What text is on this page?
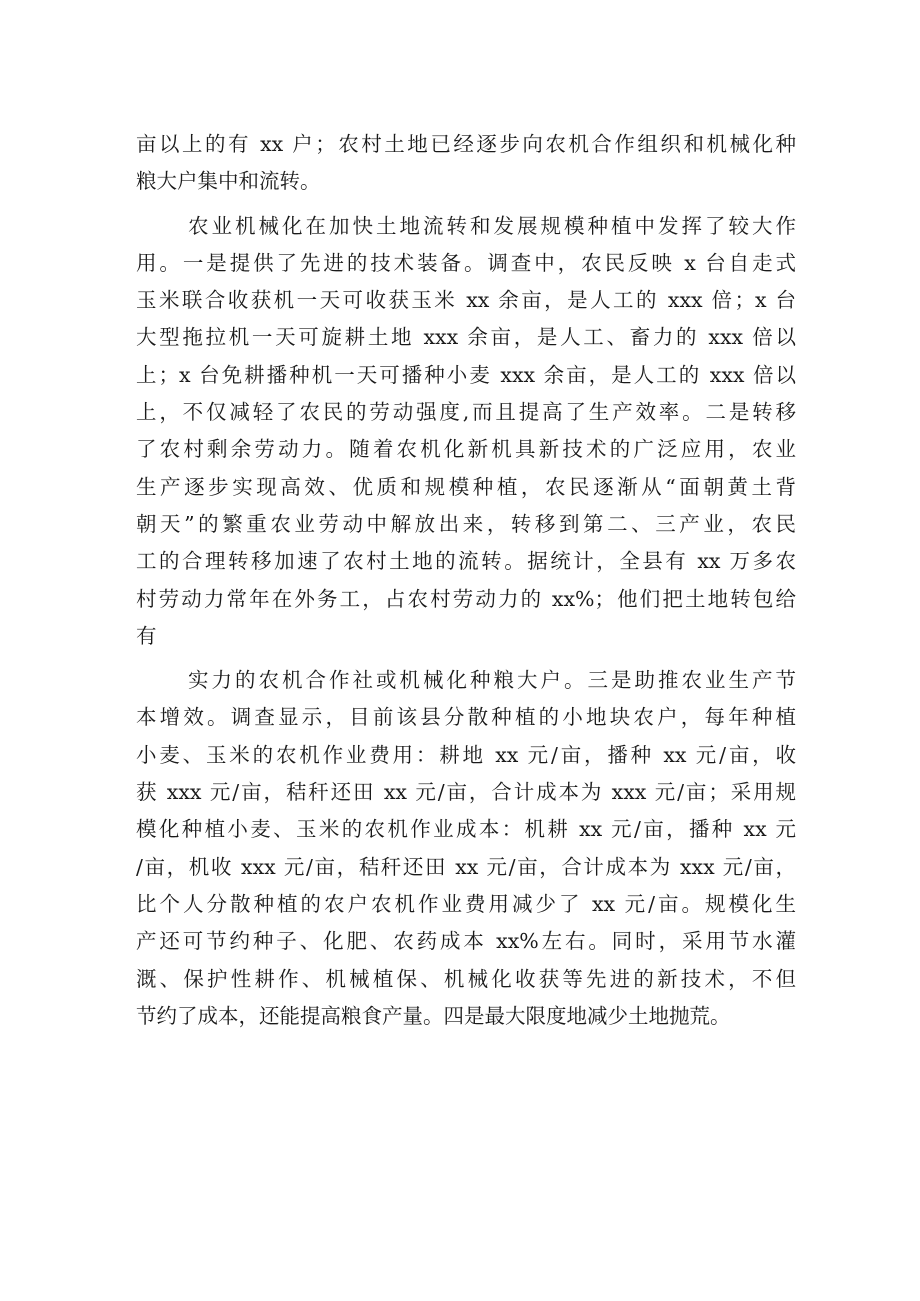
亩以上的有 xx 户；农村土地已经逐步向农机合作组织和机械化种
粮大户集中和流转。
农业机械化在加快土地流转和发展规模种植中发挥了较大作
用。一是提供了先进的技术装备。调查中，农民反映 x 台自走式
玉米联合收获机一天可收获玉米 xx 余亩，是人工的 xxx 倍；x 台
大型拖拉机一天可旋耕土地 xxx 余亩，是人工、畜力的 xxx 倍以
上；x 台免耕播种机一天可播种小麦 xxx 余亩，是人工的 xxx 倍以
上，不仅减轻了农民的劳动强度,而且提高了生产效率。二是转移
了农村剩余劳动力。随着农机化新机具新技术的广泛应用，农业
生产逐步实现高效、优质和规模种植，农民逐渐从“面朝黄土背
朝天”的繁重农业劳动中解放出来，转移到第二、三产业，农民
工的合理转移加速了农村土地的流转。据统计，全县有 xx 万多农
村劳动力常年在外务工，占农村劳动力的 xx%；他们把土地转包给
有
实力的农机合作社或机械化种粮大户。三是助推农业生产节
本增效。调查显示，目前该县分散种植的小地块农户，每年种植
小麦、玉米的农机作业费用：耕地 xx 元/亩，播种 xx 元/亩，收
获 xxx 元/亩，秸秆还田 xx 元/亩，合计成本为 xxx 元/亩；采用规
模化种植小麦、玉米的农机作业成本：机耕 xx 元/亩，播种 xx 元
/亩，机收 xxx 元/亩，秸秆还田 xx 元/亩，合计成本为 xxx 元/亩，
比个人分散种植的农户农机作业费用减少了 xx 元/亩。规模化生
产还可节约种子、化肥、农药成本 xx%左右。同时，采用节水灌
溉、保护性耕作、机械植保、机械化收获等先进的新技术，不但
节约了成本，还能提高粮食产量。四是最大限度地减少土地抛荒。
